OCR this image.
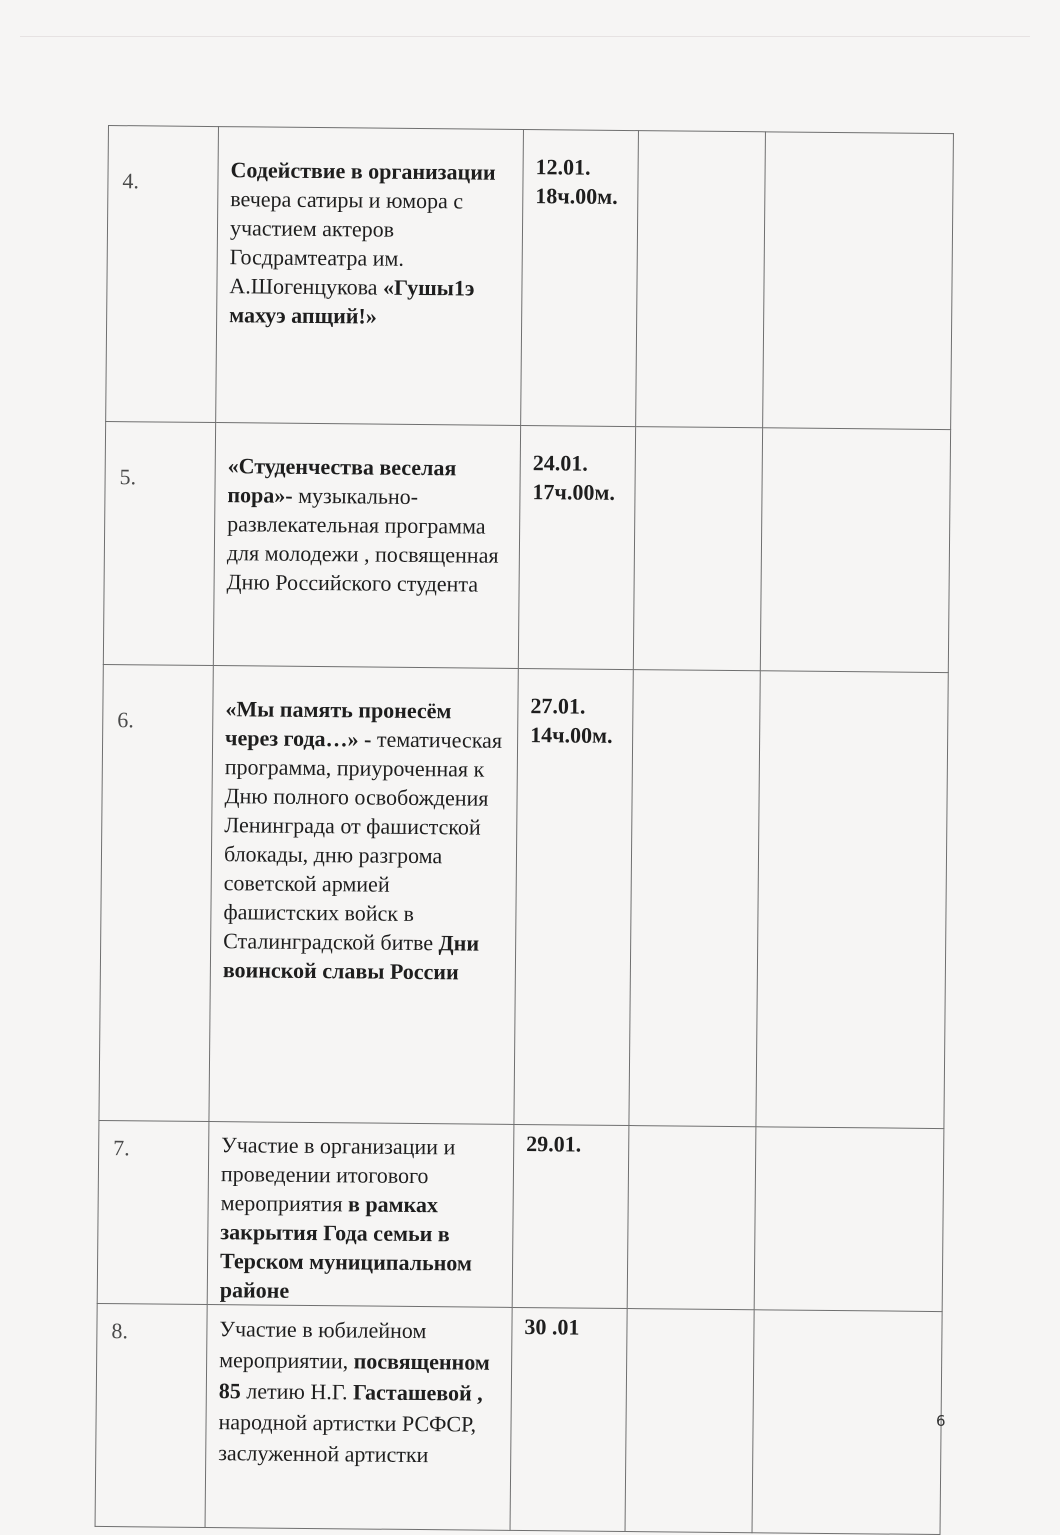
4.	Содействие в организации вечера сатиры и юмора с участием актеров Госдрамтеатра им. А.Шогенцукова «Гушы1э махуэ апщий!»	12.01.
18ч.00м.		

5.	«Студенчества веселая пора»- музыкально-развлекательная программа для молодежи , посвященная Дню Российского студента	24.01.
17ч.00м.		

6.	«Мы память пронесём через года…» - тематическая программа, приуроченная к Дню полного освобождения Ленинграда от фашистской блокады, дню разгрома советской армией фашистских войск в Сталинградской битве Дни воинской славы России	27.01.
14ч.00м.		

7.	Участие в организации и проведении итогового мероприятия в рамках закрытия Года семьи в Терском муниципальном районе	29.01.		

8.	Участие в юбилейном мероприятии, посвященном 85 летию Н.Г. Гасташевой , народной артистки РСФСР, заслуженной артистки	30 .01		

6
